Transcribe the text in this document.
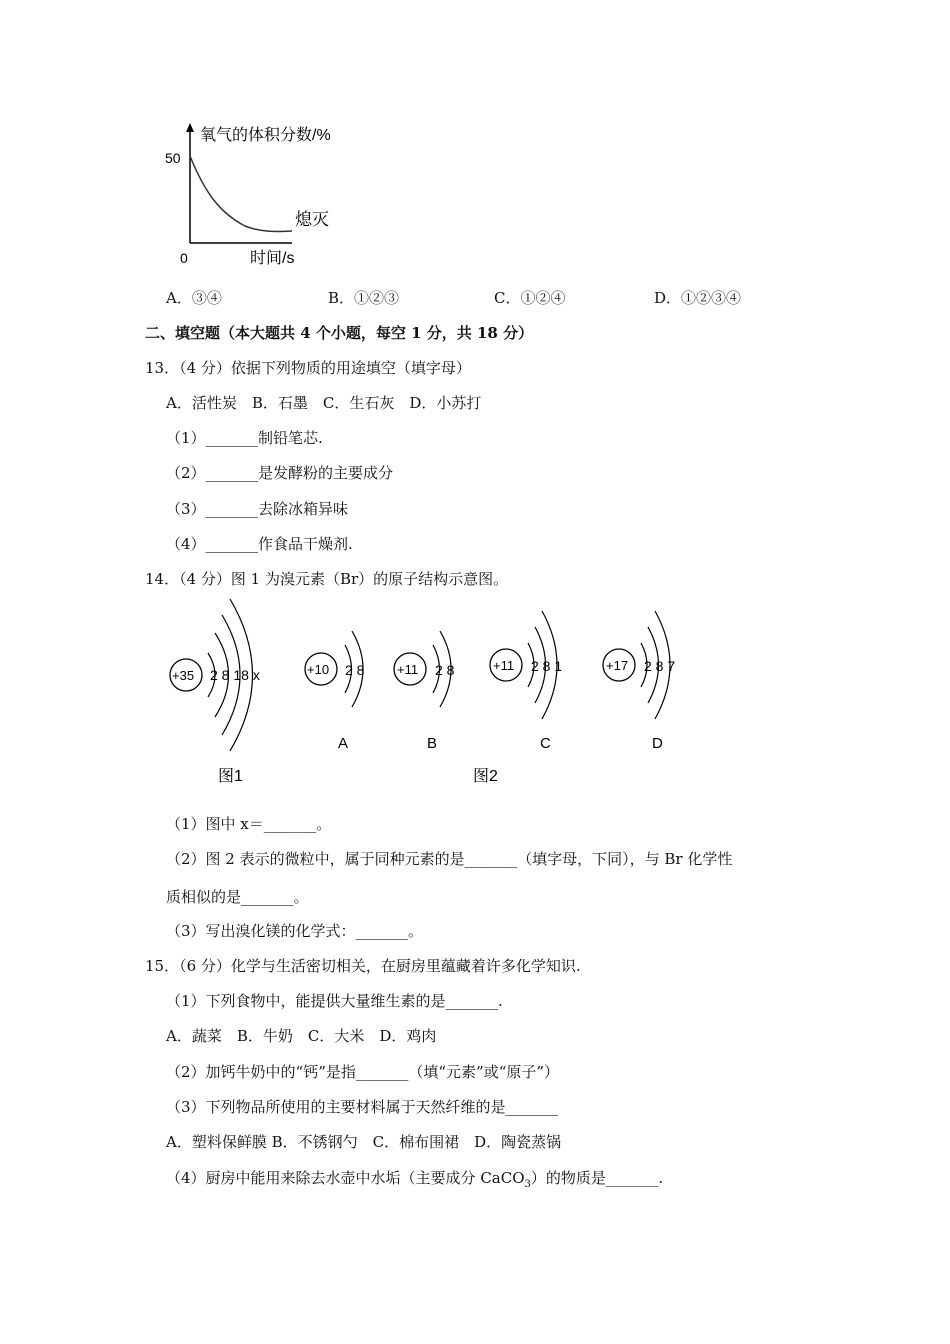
氧气的体积分数/%
50
0	时间/s
熄灭
A．③④	B．①②③	C．①②④	D．①②③④
二、填空题（本大题共 4 个小题，每空 1 分，共 18 分）
13．（4 分）依据下列物质的用途填空（填字母）
A．活性炭　B．石墨　C．生石灰　D．小苏打
（1）_______制铅笔芯.
（2）_______是发酵粉的主要成分
（3）_______去除冰箱异味
（4）_______作食品干燥剂.
14．（4 分）图 1 为溴元素（Br）的原子结构示意图。
+35 2 8 18 x	+10 2 8
A
+11 2 8
B
+11 2 8 1
C
+17 2 8 7
D
图1	图2
（1）图中 x＝_______。
（2）图 2 表示的微粒中，属于同种元素的是_______（填字母，下同），与 Br 化学性
质相似的是_______。
（3）写出溴化镁的化学式：_______。
15．（6 分）化学与生活密切相关，在厨房里蕴藏着许多化学知识.
（1）下列食物中，能提供大量维生素的是_______.
A．蔬菜　B．牛奶　C．大米　D．鸡肉
（2）加钙牛奶中的“钙”是指_______（填“元素”或“原子”）
（3）下列物品所使用的主要材料属于天然纤维的是_______
A．塑料保鲜膜 B．不锈钢勺　C．棉布围裙　D．陶瓷蒸锅
（4）厨房中能用来除去水壶中水垢（主要成分 CaCO$_3$）的物质是_______.
